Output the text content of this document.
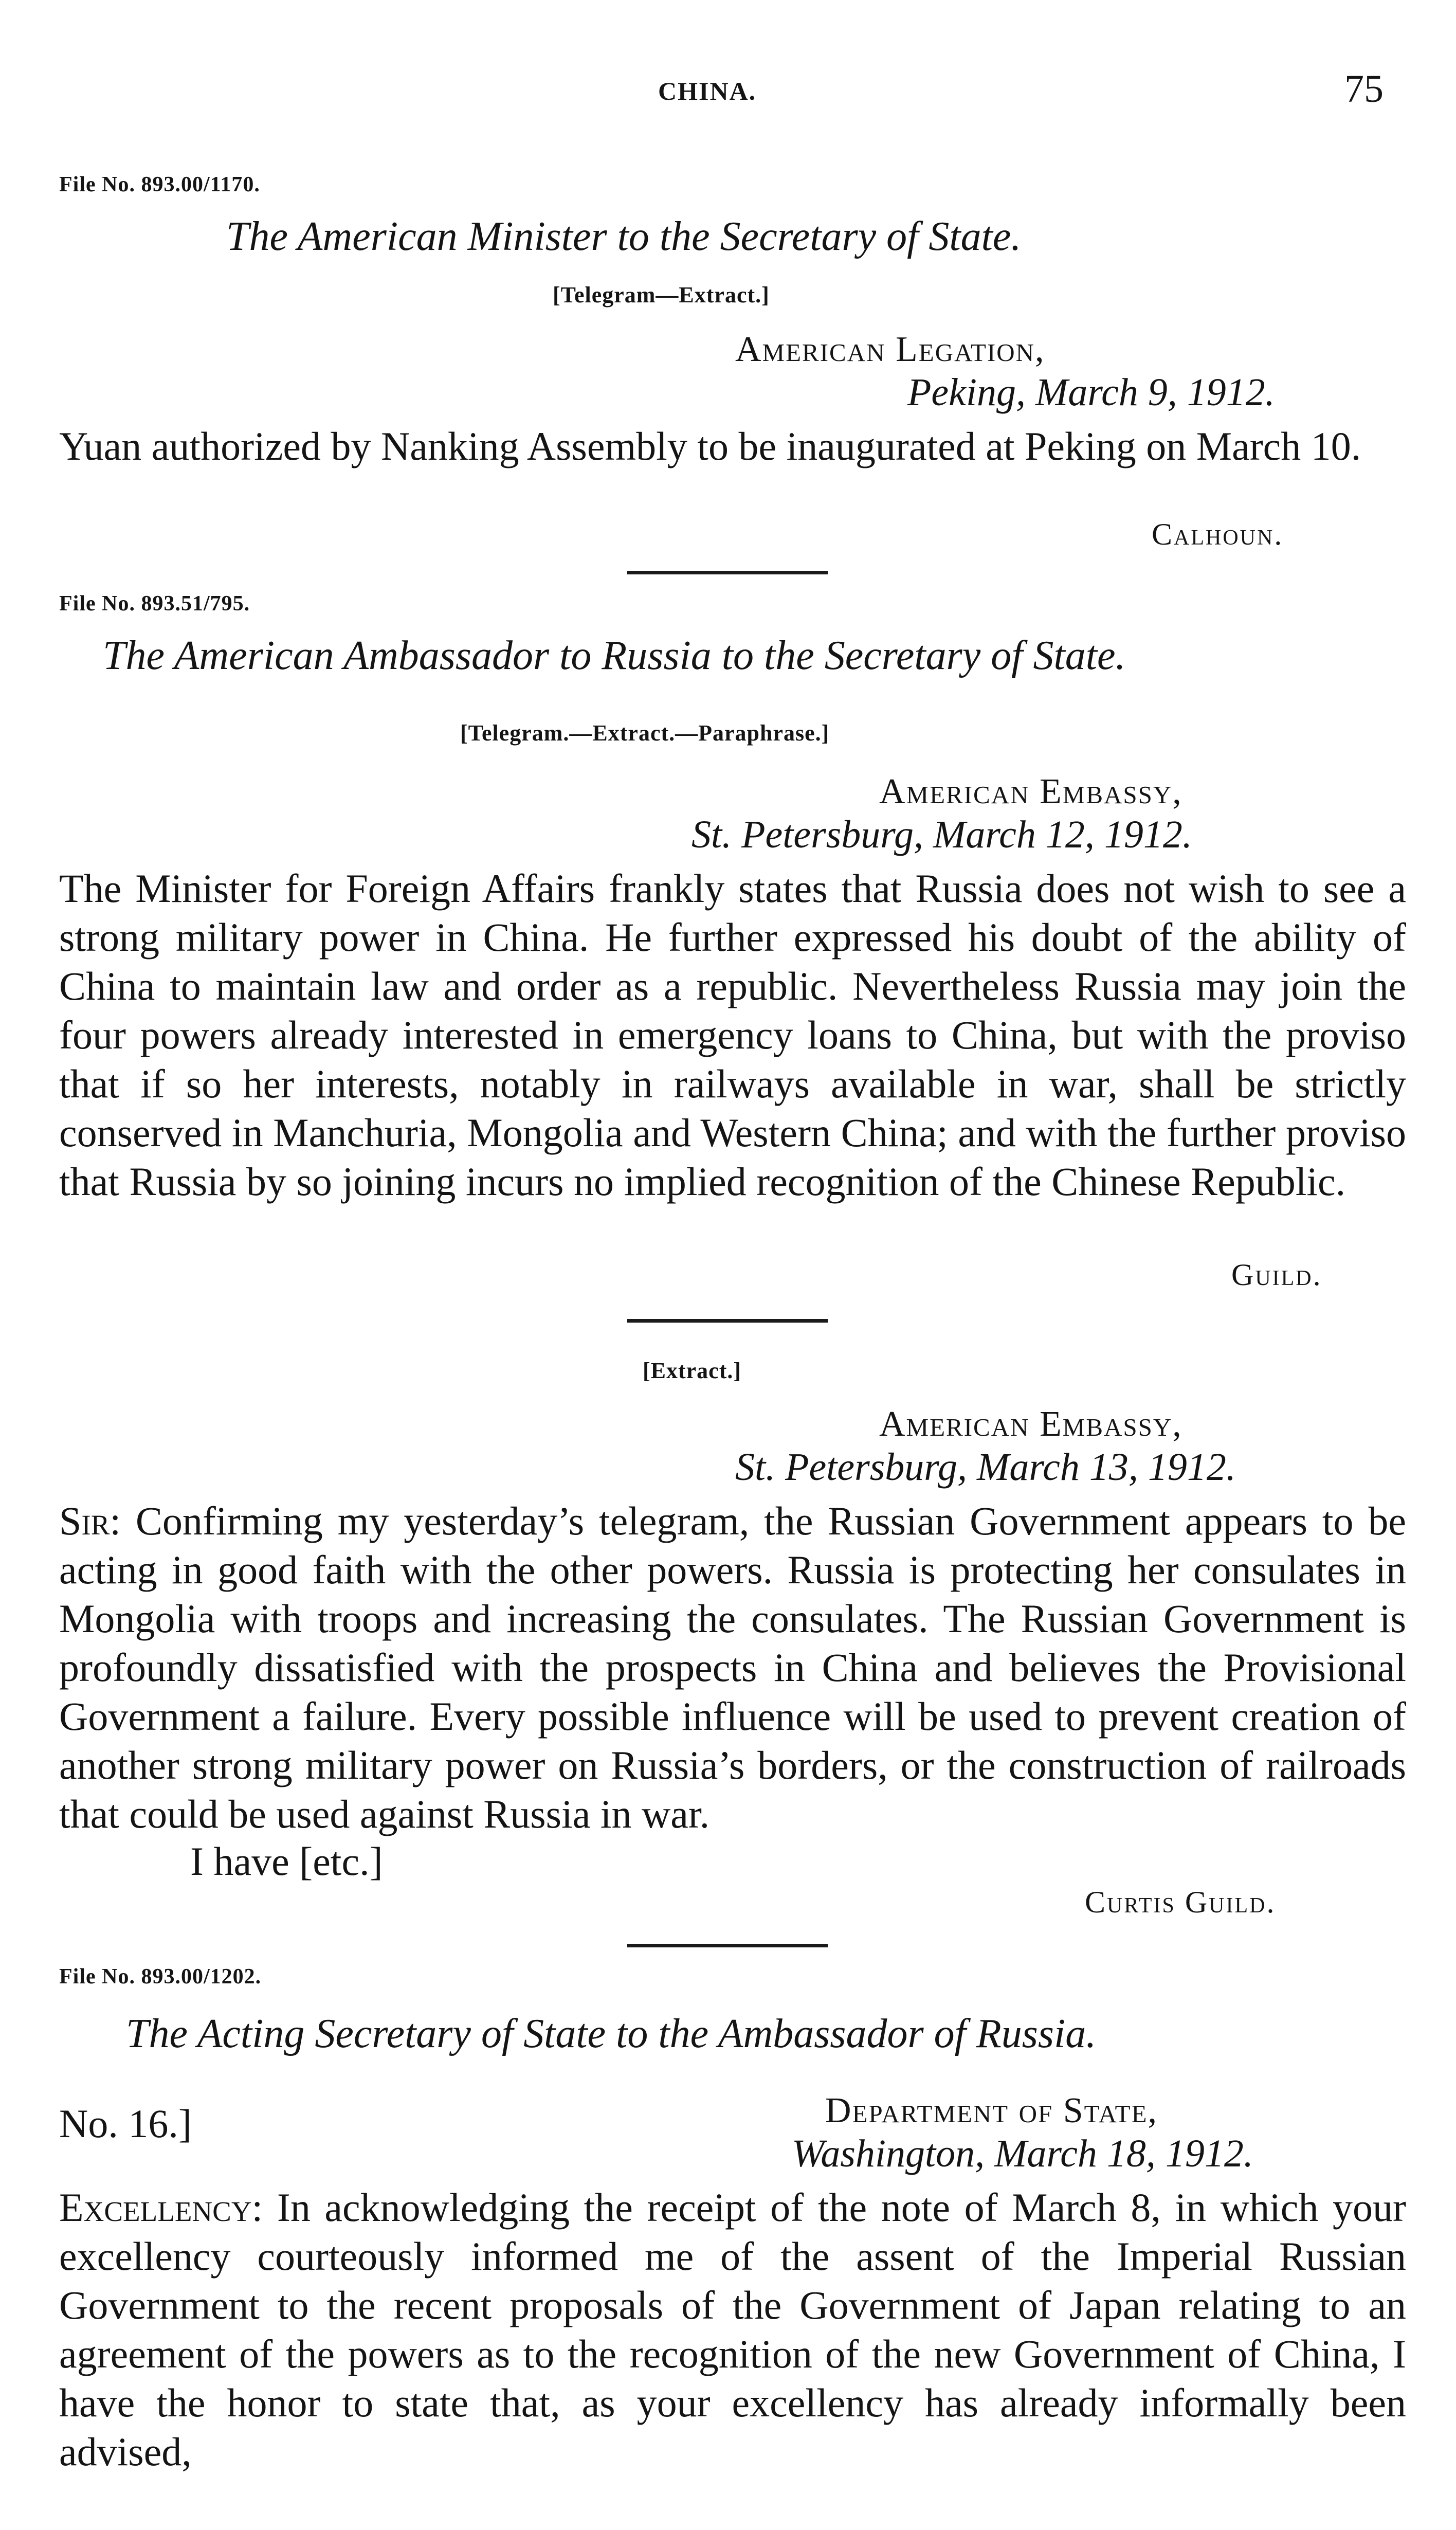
CHINA.	75
File No. 893.00/1170.
The American Minister to the Secretary of State.
[Telegram—Extract.]
American Legation,
Peking, March 9, 1912.
Yuan authorized by Nanking Assembly to be inaugurated at Peking on March 10.
Calhoun.
File No. 893.51/795.
The American Ambassador to Russia to the Secretary of State.
[Telegram.—Extract.—Paraphrase.]
American Embassy,
St. Petersburg, March 12, 1912.
The Minister for Foreign Affairs frankly states that Russia does not wish to see a strong military power in China. He further expressed his doubt of the ability of China to maintain law and order as a republic. Nevertheless Russia may join the four powers already interested in emergency loans to China, but with the proviso that if so her interests, notably in railways available in war, shall be strictly conserved in Manchuria, Mongolia and Western China; and with the further proviso that Russia by so joining incurs no implied recognition of the Chinese Republic.
Guild.
[Extract.]
American Embassy,
St. Petersburg, March 13, 1912.
Sir: Confirming my yesterday’s telegram, the Russian Government appears to be acting in good faith with the other powers. Russia is protecting her consulates in Mongolia with troops and increasing the consulates. The Russian Government is profoundly dissatisfied with the prospects in China and believes the Provisional Government a failure. Every possible influence will be used to prevent creation of another strong military power on Russia’s borders, or the construction of railroads that could be used against Russia in war.
I have [etc.]
Curtis Guild.
File No. 893.00/1202.
The Acting Secretary of State to the Ambassador of Russia.
No. 16.]	Department of State,
Washington, March 18, 1912.
Excellency: In acknowledging the receipt of the note of March 8, in which your excellency courteously informed me of the assent of the Imperial Russian Government to the recent proposals of the Government of Japan relating to an agreement of the powers as to the recognition of the new Government of China, I have the honor to state that, as your excellency has already informally been advised,
